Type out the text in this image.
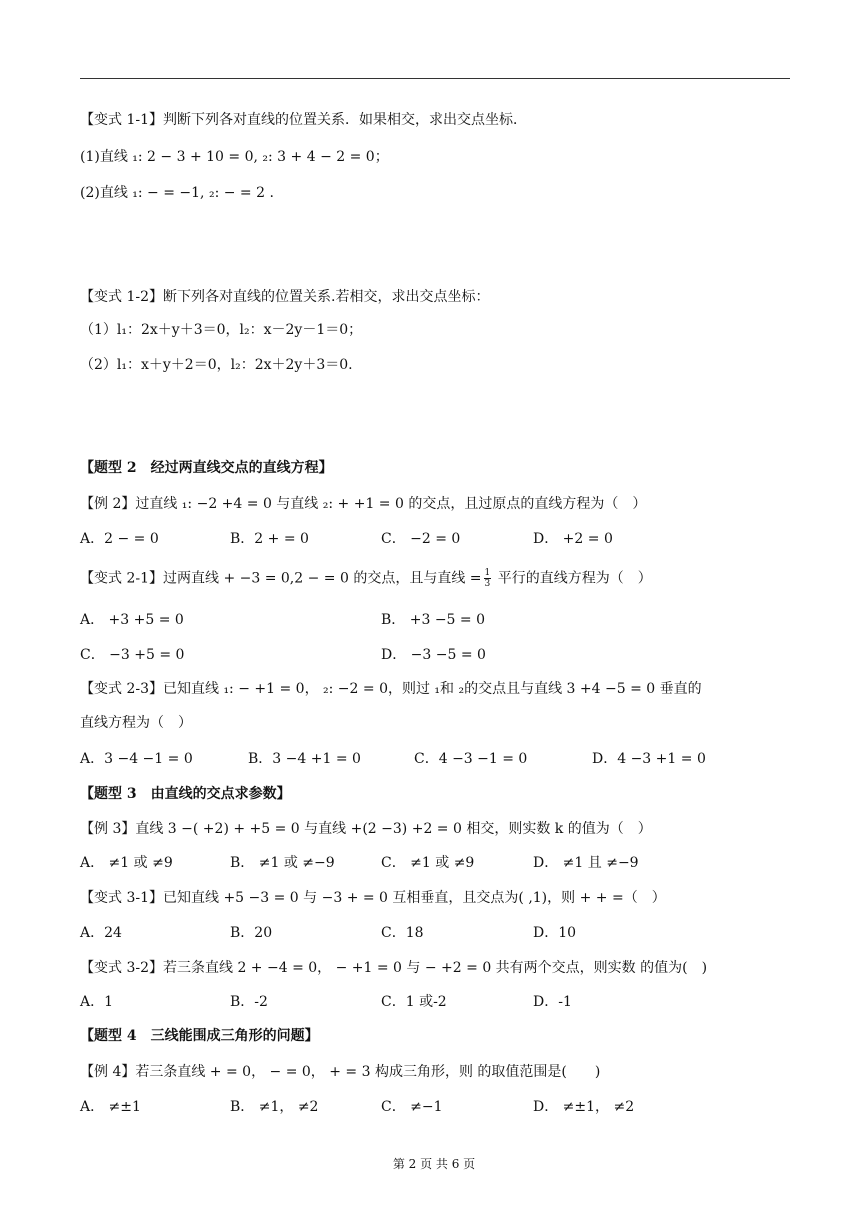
【变式 1-1】判断下列各对直线的位置关系．如果相交，求出交点坐标．
(1)直线 ₁: 2 − 3 + 10 = 0, ₂: 3 + 4 − 2 = 0；
(2)直线 ₁: − = −1, ₂: − = 2 .
【变式 1-2】断下列各对直线的位置关系.若相交，求出交点坐标：
（1）l₁：2x＋y＋3＝0，l₂：x－2y－1＝0；
（2）l₁：x＋y＋2＝0，l₂：2x＋2y＋3＝0.
【题型 2　经过两直线交点的直线方程】
【例 2】过直线 ₁: −2 +4 = 0 与直线 ₂: + +1 = 0 的交点，且过原点的直线方程为（　）
A．2 − = 0	B．2 + = 0	C． −2 = 0	D． +2 = 0
【变式 2-1】过两直线 + −3 = 0,2 − = 0 的交点，且与直线 = $\frac{1}{3}$ 平行的直线方程为（　）
A． +3 +5 = 0	B． +3 −5 = 0
C． −3 +5 = 0	D． −3 −5 = 0
【变式 2-3】已知直线 ₁: − +1 = 0， ₂: −2 = 0，则过 ₁和 ₂的交点且与直线 3 +4 −5 = 0 垂直的
直线方程为（　）
A．3 −4 −1 = 0	B．3 −4 +1 = 0	C．4 −3 −1 = 0	D．4 −3 +1 = 0
【题型 3　由直线的交点求参数】
【例 3】直线 3 −( +2) + +5 = 0 与直线 +(2 −3) +2 = 0 相交，则实数 k 的值为（　）
A． ≠1 或 ≠9	B． ≠1 或 ≠−9	C． ≠1 或 ≠9	D． ≠1 且 ≠−9
【变式 3-1】已知直线 +5 −3 = 0 与 −3 + = 0 互相垂直，且交点为( ,1)，则 + + =（　）
A．24	B．20	C．18	D．10
【变式 3-2】若三条直线 2 + −4 = 0， − +1 = 0 与 − +2 = 0 共有两个交点，则实数 的值为(　)
A．1	B．-2	C．1 或-2	D．-1
【题型 4　三线能围成三角形的问题】
【例 4】若三条直线 + = 0， − = 0， + = 3 构成三角形，则 的取值范围是(　　)
A． ≠±1	B． ≠1， ≠2	C． ≠−1	D． ≠±1， ≠2
第 2 页 共 6 页
